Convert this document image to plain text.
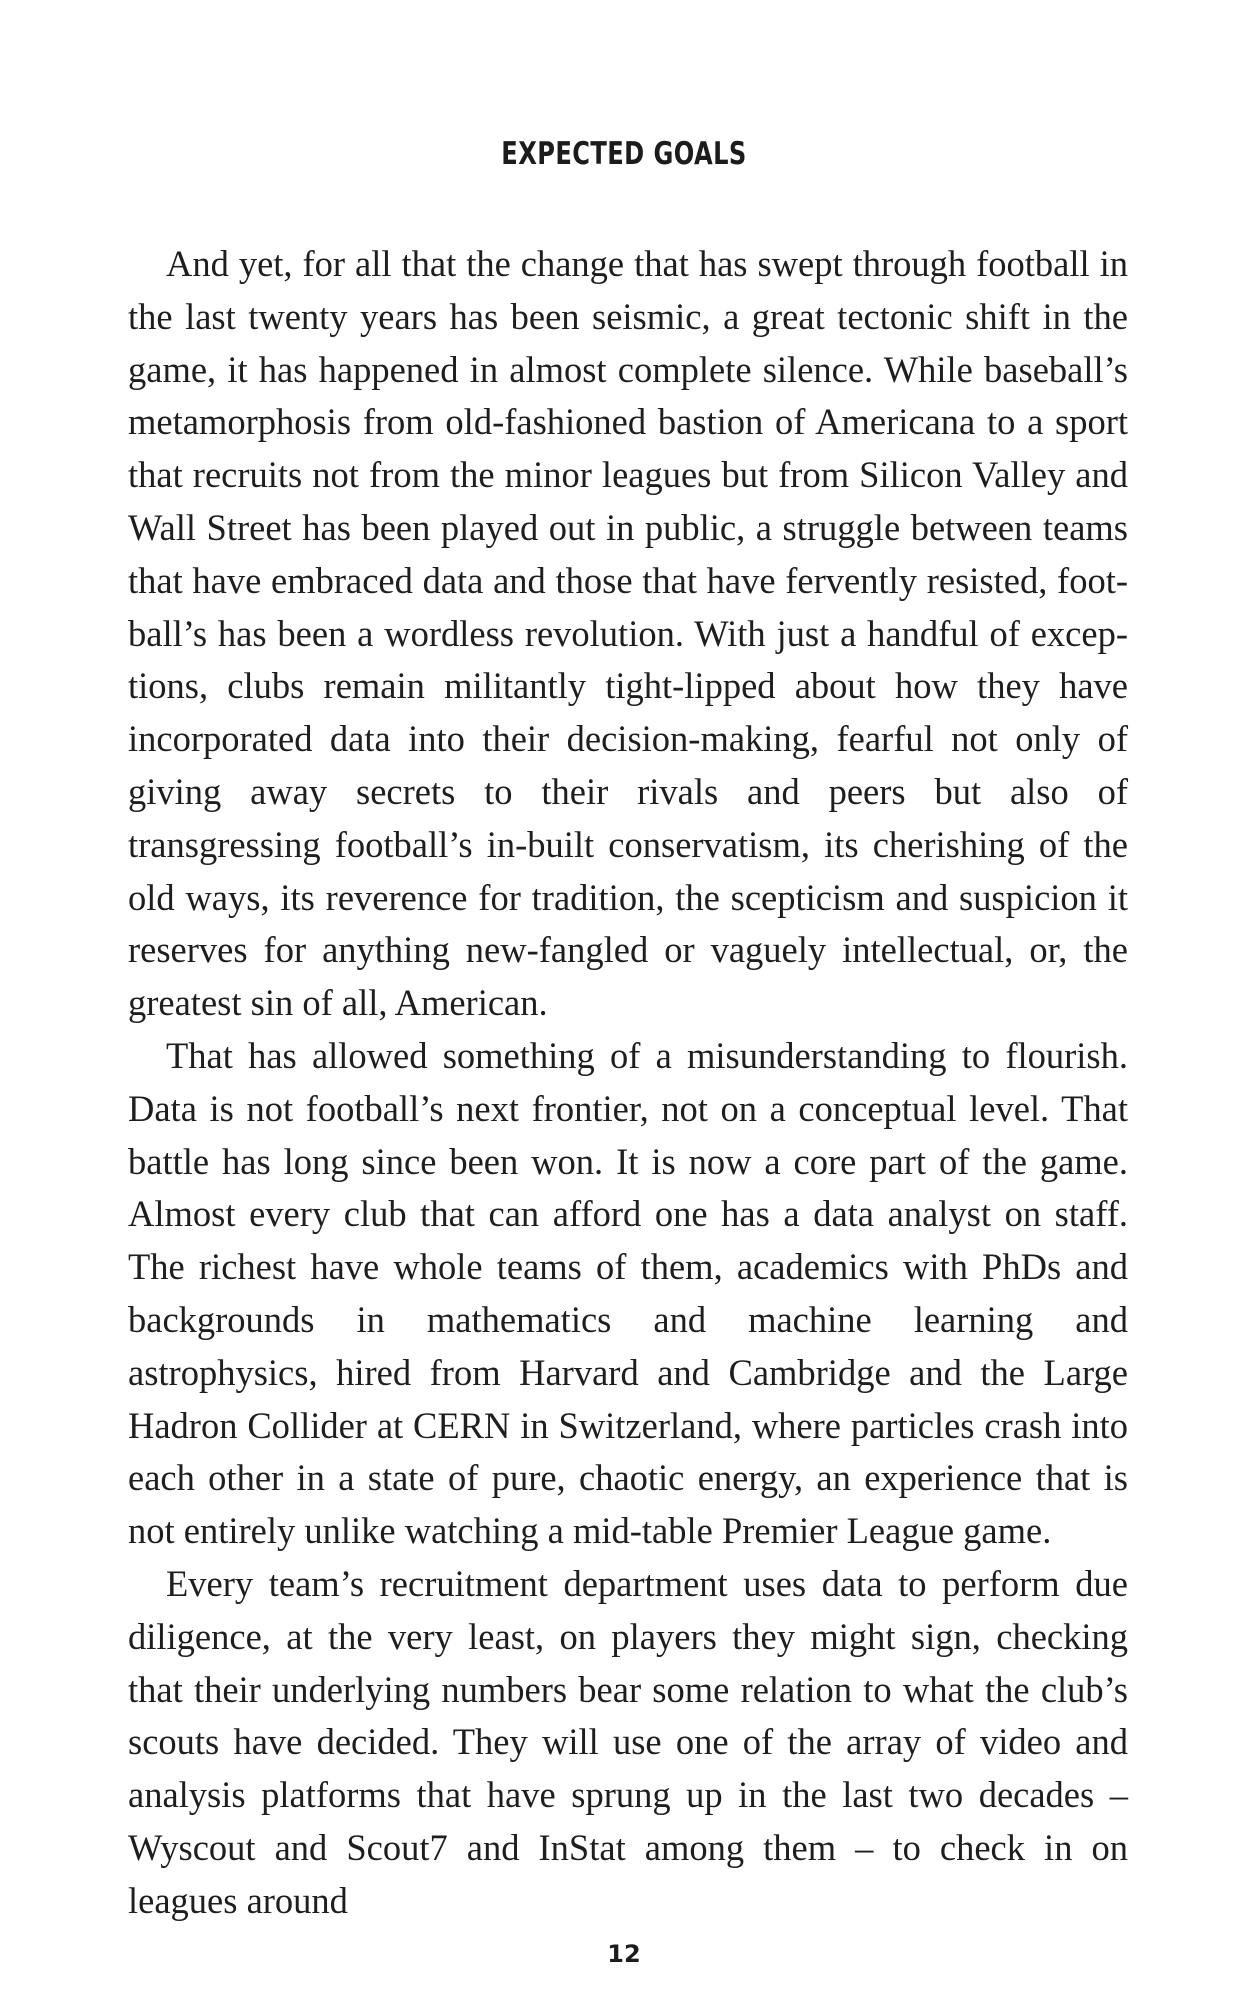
EXPECTED GOALS

And yet, for all that the change that has swept through football in the last twenty years has been seismic, a great tectonic shift in the game, it has happened in almost complete silence. While baseball’s metamorphosis from old-fashioned bastion of Americana to a sport that recruits not from the minor leagues but from Silicon Valley and Wall Street has been played out in public, a struggle between teams that have embraced data and those that have fervently resisted, football’s has been a wordless revolution. With just a handful of exceptions, clubs remain militantly tight-lipped about how they have incorporated data into their decision-making, fearful not only of giving away secrets to their rivals and peers but also of transgressing football’s in-built conservatism, its cherishing of the old ways, its reverence for tradition, the scepticism and suspicion it reserves for anything new-fangled or vaguely intellectual, or, the greatest sin of all, American.

That has allowed something of a misunderstanding to flourish. Data is not football’s next frontier, not on a conceptual level. That battle has long since been won. It is now a core part of the game. Almost every club that can afford one has a data analyst on staff. The richest have whole teams of them, academics with PhDs and backgrounds in mathematics and machine learning and astrophysics, hired from Harvard and Cambridge and the Large Hadron Collider at CERN in Switzerland, where particles crash into each other in a state of pure, chaotic energy, an experience that is not entirely unlike watching a mid-table Premier League game.

Every team’s recruitment department uses data to perform due diligence, at the very least, on players they might sign, checking that their underlying numbers bear some relation to what the club’s scouts have decided. They will use one of the array of video and analysis platforms that have sprung up in the last two decades – Wyscout and Scout7 and InStat among them – to check in on leagues around

12
